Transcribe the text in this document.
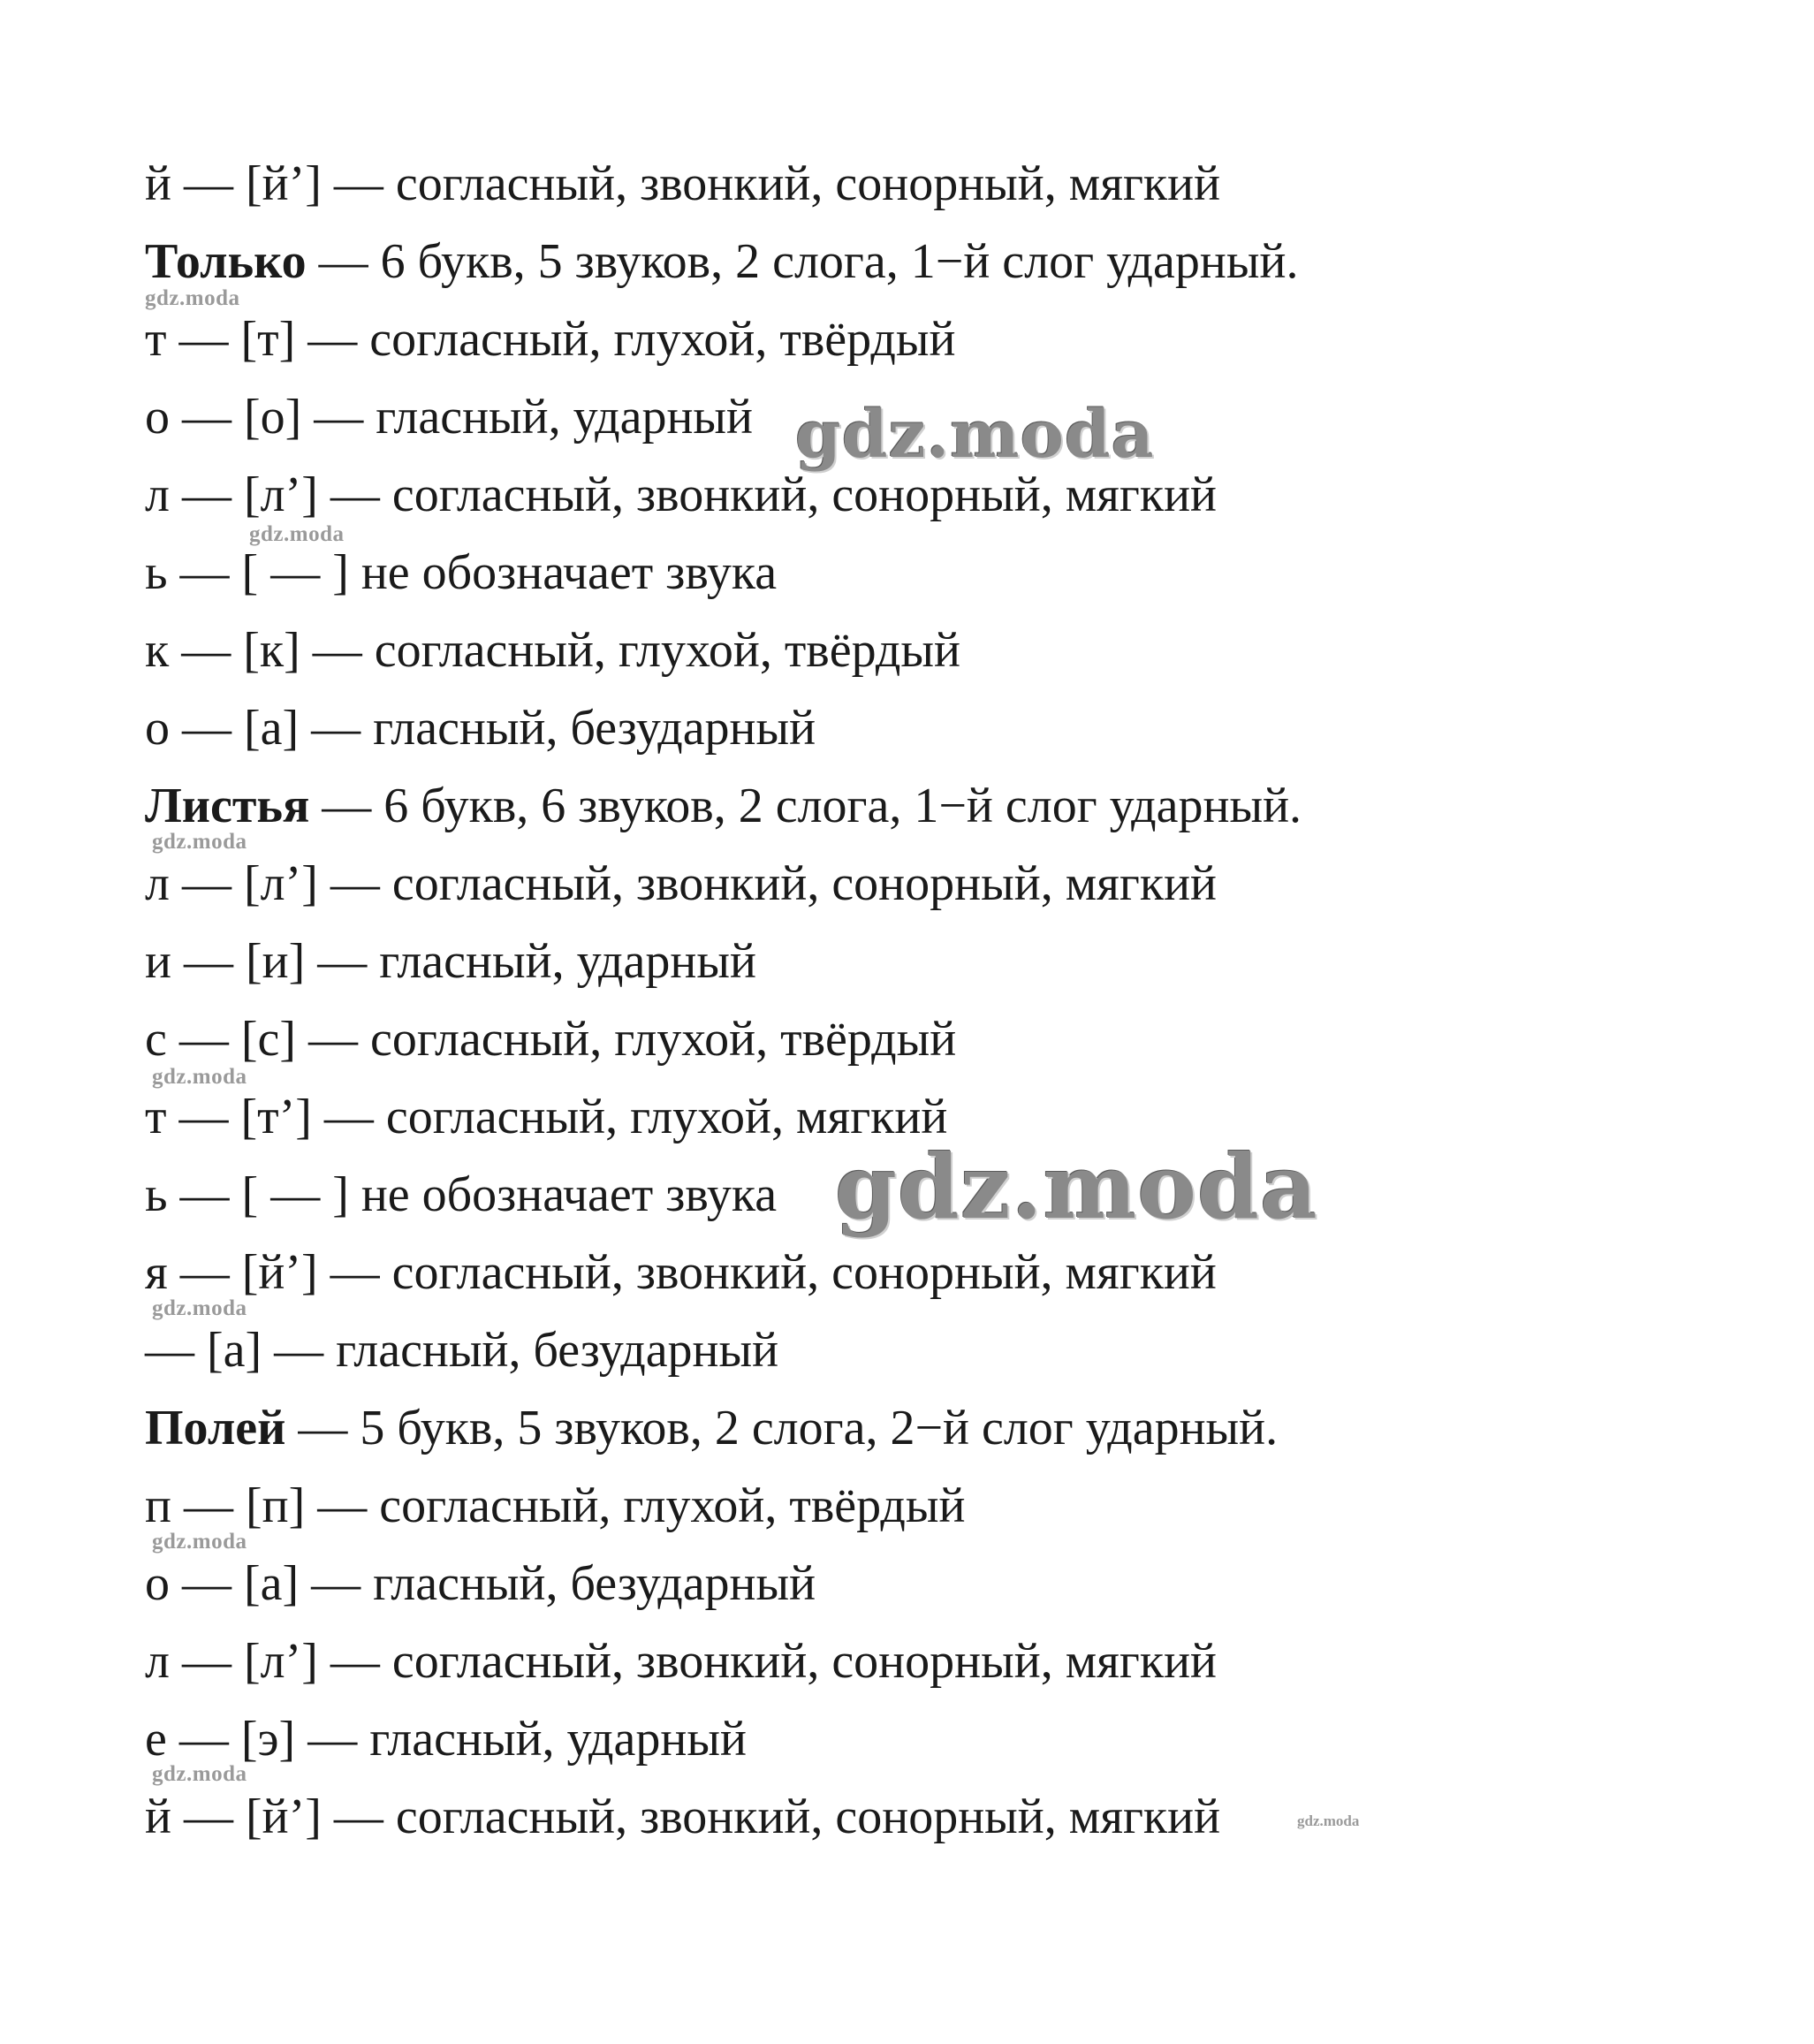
й — [й’] — согласный, звонкий, сонорный, мягкий
Только — 6 букв, 5 звуков, 2 слога, 1−й слог ударный.
т — [т] — согласный, глухой, твёрдый
о — [о] — гласный, ударный
л — [л’] — согласный, звонкий, сонорный, мягкий
ь — [ — ] не обозначает звука
к — [к] — согласный, глухой, твёрдый
о — [а] — гласный, безударный
Листья — 6 букв, 6 звуков, 2 слога, 1−й слог ударный.
л — [л’] — согласный, звонкий, сонорный, мягкий
и — [и] — гласный, ударный
с — [с] — согласный, глухой, твёрдый
т — [т’] — согласный, глухой, мягкий
ь — [ — ] не обозначает звука
я — [й’] — согласный, звонкий, сонорный, мягкий
— [а] — гласный, безударный
Полей — 5 букв, 5 звуков, 2 слога, 2−й слог ударный.
п — [п] — согласный, глухой, твёрдый
о — [а] — гласный, безударный
л — [л’] — согласный, звонкий, сонорный, мягкий
е — [э] — гласный, ударный
й — [й’] — согласный, звонкий, сонорный, мягкий
gdz.moda
gdz.moda
gdz.moda
gdz.moda
gdz.moda
gdz.moda
gdz.moda
gdz.moda
gdz.moda
gdz.moda
